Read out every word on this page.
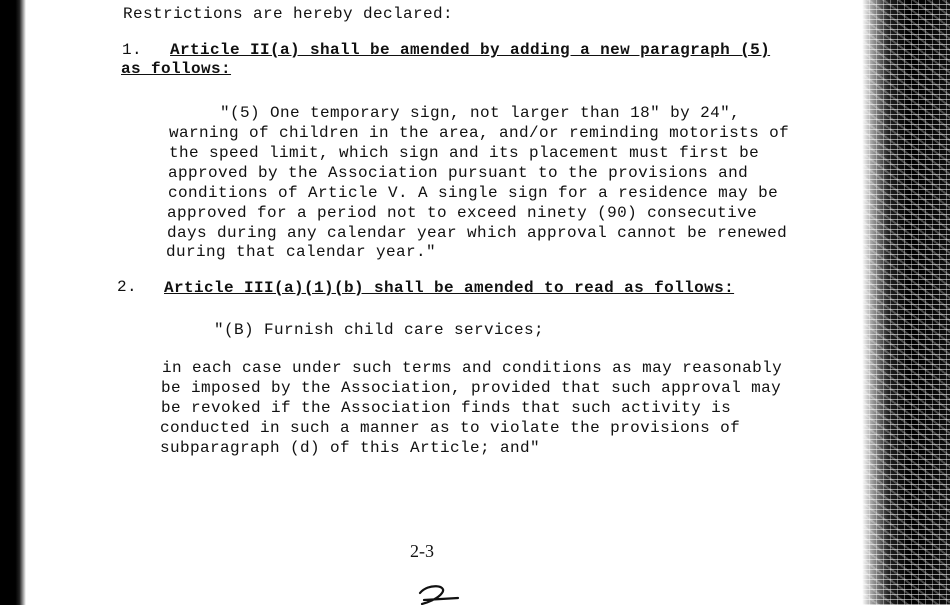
Restrictions are hereby declared:
1. Article II(a) shall be amended by adding a new paragraph (5)
as follows:
"(5) One temporary sign, not larger than 18" by 24",
warning of children in the area, and/or reminding motorists of
the speed limit, which sign and its placement must first be
approved by the Association pursuant to the provisions and
conditions of Article V. A single sign for a residence may be
approved for a period not to exceed ninety (90) consecutive
days during any calendar year which approval cannot be renewed
during that calendar year."
2. Article III(a)(1)(b) shall be amended to read as follows:
"(B) Furnish child care services;
in each case under such terms and conditions as may reasonably
be imposed by the Association, provided that such approval may
be revoked if the Association finds that such activity is
conducted in such a manner as to violate the provisions of
subparagraph (d) of this Article; and"
2-3
